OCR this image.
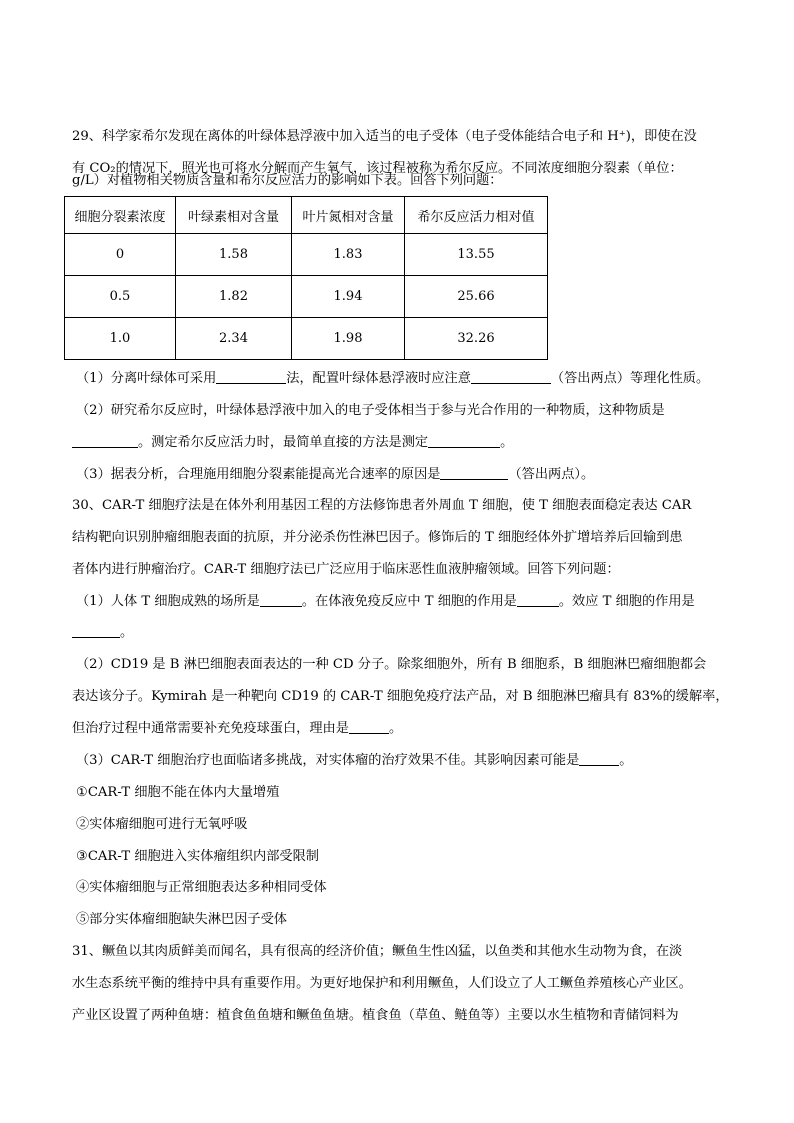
29、科学家希尔发现在离体的叶绿体悬浮液中加入适当的电子受体（电子受体能结合电子和 H⁺)，即使在没
有 CO₂的情况下，照光也可将水分解而产生氧气，该过程被称为希尔反应。不同浓度细胞分裂素（单位：
g/L）对植物相关物质含量和希尔反应活力的影响如下表。回答下列问题：
细胞分裂素浓度	叶绿素相对含量	叶片氮相对含量	希尔反应活力相对值
0	1.58	1.83	13.55
0.5	1.82	1.94	25.66
1.0	2.34	1.98	32.26
（1）分离叶绿体可采用	法，配置叶绿体悬浮液时应注意	（答出两点）等理化性质。
（2）研究希尔反应时，叶绿体悬浮液中加入的电子受体相当于参与光合作用的一种物质，这种物质是
。测定希尔反应活力时，最简单直接的方法是测定	。
（3）据表分析，合理施用细胞分裂素能提高光合速率的原因是	（答出两点）。
30、CAR-T 细胞疗法是在体外利用基因工程的方法修饰患者外周血 T 细胞，使 T 细胞表面稳定表达 CAR
结构靶向识别肿瘤细胞表面的抗原，并分泌杀伤性淋巴因子。修饰后的 T 细胞经体外扩增培养后回输到患
者体内进行肿瘤治疗。CAR-T 细胞疗法已广泛应用于临床恶性血液肿瘤领域。回答下列问题：
（1）人体 T 细胞成熟的场所是	。在体液免疫反应中 T 细胞的作用是	。效应 T 细胞的作用是
。
（2）CD19 是 B 淋巴细胞表面表达的一种 CD 分子。除浆细胞外，所有 B 细胞系，B 细胞淋巴瘤细胞都会
表达该分子。Kymirah 是一种靶向 CD19 的 CAR-T 细胞免疫疗法产品，对 B 细胞淋巴瘤具有 83%的缓解率，
但治疗过程中通常需要补充免疫球蛋白，理由是	。
（3）CAR-T 细胞治疗也面临诸多挑战，对实体瘤的治疗效果不佳。其影响因素可能是	。
①CAR-T 细胞不能在体内大量增殖
②实体瘤细胞可进行无氧呼吸
③CAR-T 细胞进入实体瘤组织内部受限制
④实体瘤细胞与正常细胞表达多种相同受体
⑤部分实体瘤细胞缺失淋巴因子受体
31、鳜鱼以其肉质鲜美而闻名，具有很高的经济价值；鳜鱼生性凶猛，以鱼类和其他水生动物为食，在淡
水生态系统平衡的维持中具有重要作用。为更好地保护和利用鳜鱼，人们设立了人工鳜鱼养殖核心产业区。
产业区设置了两种鱼塘：植食鱼鱼塘和鳜鱼鱼塘。植食鱼（草鱼、鲢鱼等）主要以水生植物和青储饲料为
